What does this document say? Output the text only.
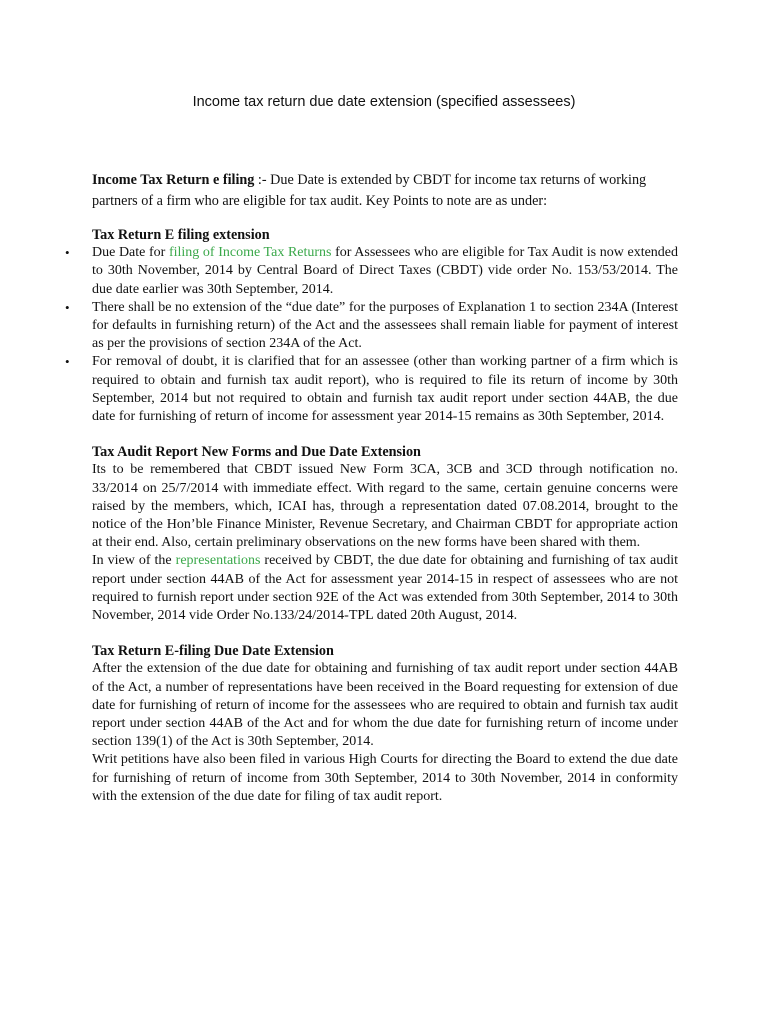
Income tax return due date extension (specified assessees)
Income Tax Return e filing :- Due Date is extended by CBDT for income tax returns of working partners of a firm who are eligible for tax audit. Key Points to note are as under:
Tax Return E filing extension
• Due Date for filing of Income Tax Returns for Assessees who are eligible for Tax Audit is now extended to 30th November, 2014 by Central Board of Direct Taxes (CBDT) vide order No. 153/53/2014. The due date earlier was 30th September, 2014.
• There shall be no extension of the “due date” for the purposes of Explanation 1 to section 234A (Interest for defaults in furnishing return) of the Act and the assessees shall remain liable for payment of interest as per the provisions of section 234A of the Act.
• For removal of doubt, it is clarified that for an assessee (other than working partner of a firm which is required to obtain and furnish tax audit report), who is required to file its return of income by 30th September, 2014 but not required to obtain and furnish tax audit report under section 44AB, the due date for furnishing of return of income for assessment year 2014-15 remains as 30th September, 2014.
Tax Audit Report New Forms and Due Date Extension

Its to be remembered that CBDT issued New Form 3CA, 3CB and 3CD through notification no. 33/2014 on 25/7/2014 with immediate effect. With regard to the same, certain genuine concerns were raised by the members, which, ICAI has, through a representation dated 07.08.2014, brought to the notice of the Hon’ble Finance Minister, Revenue Secretary, and Chairman CBDT for appropriate action at their end. Also, certain preliminary observations on the new forms have been shared with them.

In view of the representations received by CBDT, the due date for obtaining and furnishing of tax audit report under section 44AB of the Act for assessment year 2014-15 in respect of assessees who are not required to furnish report under section 92E of the Act was extended from 30th September, 2014 to 30th November, 2014 vide Order No.133/24/2014-TPL dated 20th August, 2014.

Tax Return E-filing Due Date Extension

After the extension of the due date for obtaining and furnishing of tax audit report under section 44AB of the Act, a number of representations have been received in the Board requesting for extension of due date for furnishing of return of income for the assessees who are required to obtain and furnish tax audit report under section 44AB of the Act and for whom the due date for furnishing return of income under section 139(1) of the Act is 30th September, 2014.

Writ petitions have also been filed in various High Courts for directing the Board to extend the due date for furnishing of return of income from 30th September, 2014 to 30th November, 2014 in conformity with the extension of the due date for filing of tax audit report.
